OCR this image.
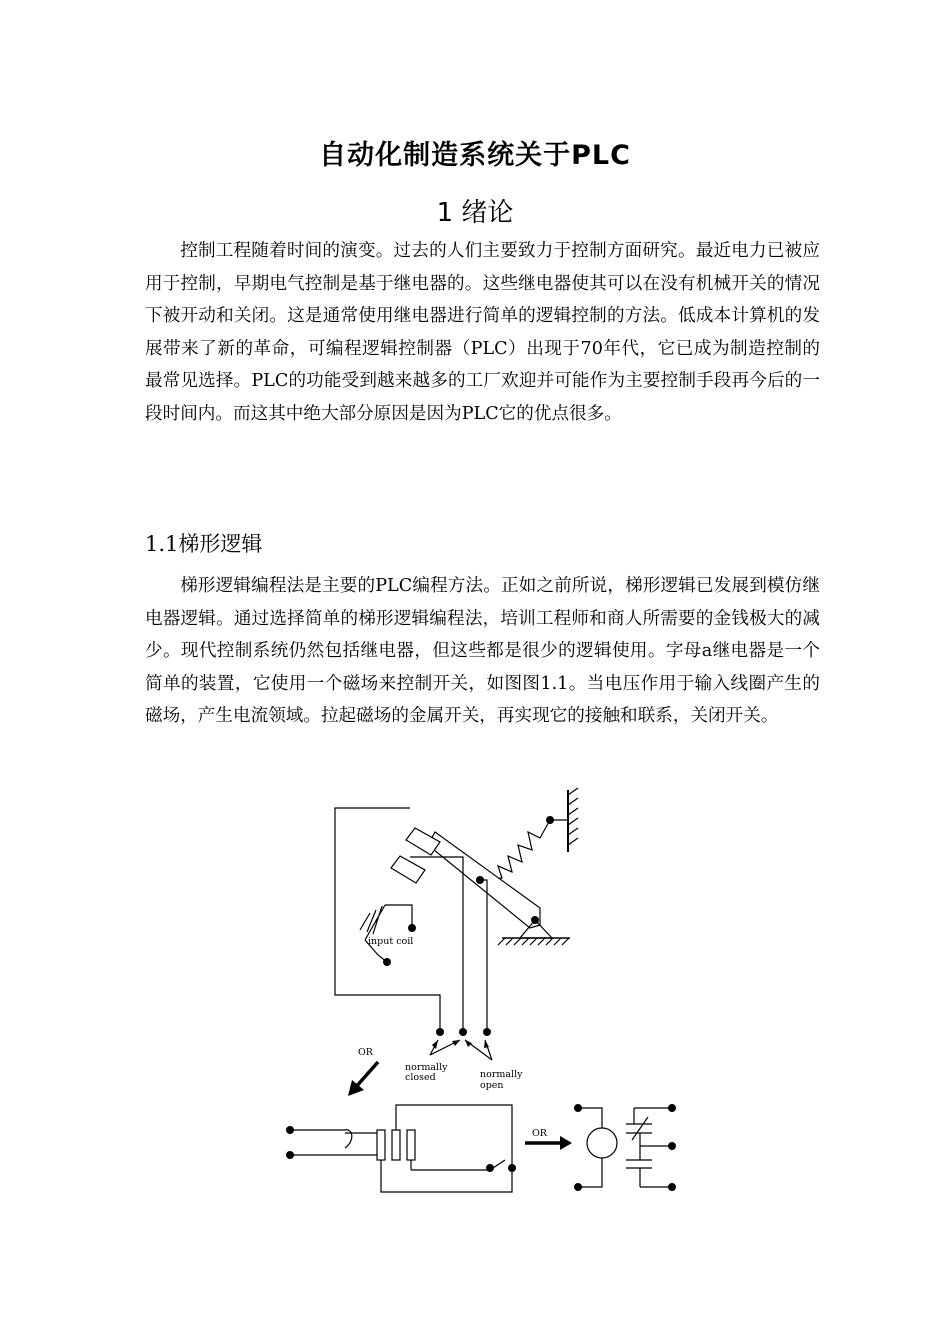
自动化制造系统关于PLC
1 绪论

控制工程随着时间的演变。过去的人们主要致力于控制方面研究。最近电力已被应用于控制，早期电气控制是基于继电器的。这些继电器使其可以在没有机械开关的情况下被开动和关闭。这是通常使用继电器进行简单的逻辑控制的方法。低成本计算机的发展带来了新的革命，可编程逻辑控制器（PLC）出现于70年代，它已成为制造控制的最常见选择。PLC的功能受到越来越多的工厂欢迎并可能作为主要控制手段再今后的一段时间内。而这其中绝大部分原因是因为PLC它的优点很多。

1.1梯形逻辑

梯形逻辑编程法是主要的PLC编程方法。正如之前所说，梯形逻辑已发展到模仿继电器逻辑。通过选择简单的梯形逻辑编程法，培训工程师和商人所需要的金钱极大的减少。现代控制系统仍然包括继电器，但这些都是很少的逻辑使用。字母a继电器是一个简单的装置，它使用一个磁场来控制开关，如图图1.1。当电压作用于输入线圈产生的磁场，产生电流领域。拉起磁场的金属开关，再实现它的接触和联系，关闭开关。

input coil
normally
closed	normally
open
OR
OR
